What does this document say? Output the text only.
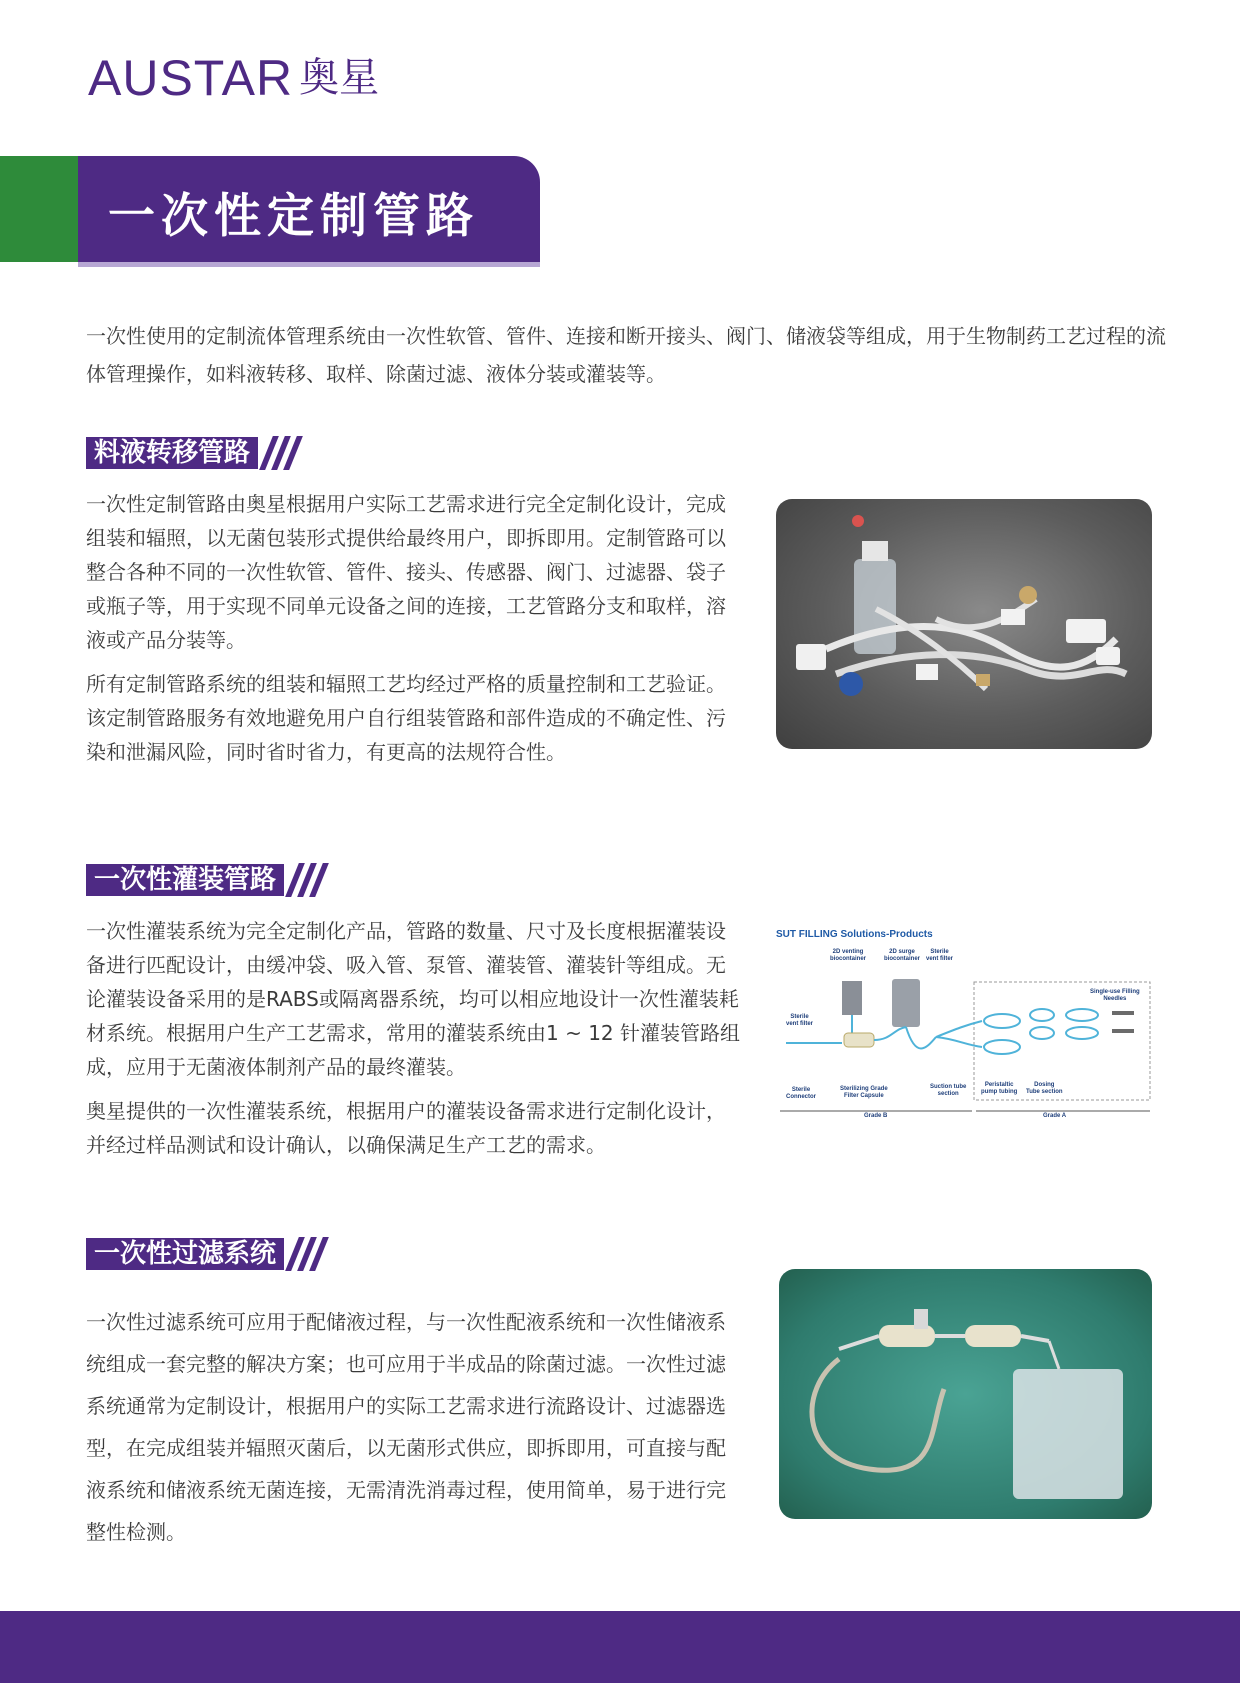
AUSTAR 奥星
一次性定制管路
一次性使用的定制流体管理系统由一次性软管、管件、连接和断开接头、阀门、储液袋等组成，用于生物制药工艺过程的流体管理操作，如料液转移、取样、除菌过滤、液体分装或灌装等。
料液转移管路
一次性定制管路由奥星根据用户实际工艺需求进行完全定制化设计，完成组装和辐照，以无菌包装形式提供给最终用户，即拆即用。定制管路可以整合各种不同的一次性软管、管件、接头、传感器、阀门、过滤器、袋子或瓶子等，用于实现不同单元设备之间的连接，工艺管路分支和取样，溶液或产品分装等。
所有定制管路系统的组装和辐照工艺均经过严格的质量控制和工艺验证。该定制管路服务有效地避免用户自行组装管路和部件造成的不确定性、污染和泄漏风险，同时省时省力，有更高的法规符合性。
一次性灌装管路
一次性灌装系统为完全定制化产品，管路的数量、尺寸及长度根据灌装设备进行匹配设计，由缓冲袋、吸入管、泵管、灌装管、灌装针等组成。无论灌装设备采用的是RABS或隔离器系统，均可以相应地设计一次性灌装耗材系统。根据用户生产工艺需求，常用的灌装系统由1 ~ 12 针灌装管路组成，应用于无菌液体制剂产品的最终灌装。
奥星提供的一次性灌装系统，根据用户的灌装设备需求进行定制化设计，并经过样品测试和设计确认，以确保满足生产工艺的需求。
SUT FILLING Solutions-Products
2D venting
biocontainer
2D surge
biocontainer
Sterile
vent filter
Sterile
vent filter
Single-use Filling
Needles
Sterile
Connector
Sterilizing Grade
Filter Capsule
Suction tube
section
Peristaltic
pump tubing
Dosing
Tube section
Grade B	Grade A
一次性过滤系统
一次性过滤系统可应用于配储液过程，与一次性配液系统和一次性储液系统组成一套完整的解决方案；也可应用于半成品的除菌过滤。一次性过滤系统通常为定制设计，根据用户的实际工艺需求进行流路设计、过滤器选型，在完成组装并辐照灭菌后，以无菌形式供应，即拆即用，可直接与配液系统和储液系统无菌连接，无需清洗消毒过程，使用简单，易于进行完整性检测。
